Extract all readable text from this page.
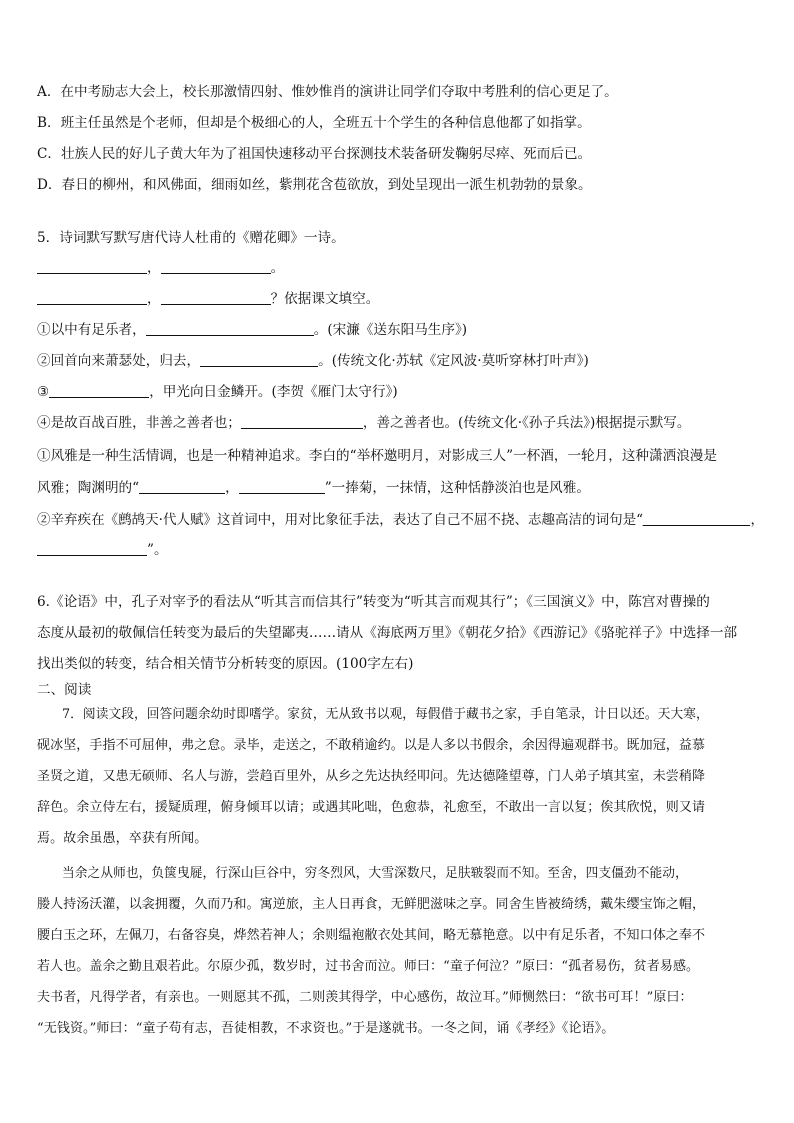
A．在中考励志大会上，校长那激情四射、惟妙惟肖的演讲让同学们夺取中考胜利的信心更足了。
B．班主任虽然是个老师，但却是个极细心的人，全班五十个学生的各种信息他都了如指掌。
C．壮族人民的好儿子黄大年为了祖国快速移动平台探测技术装备研发鞠躬尽瘁、死而后已。
D．春日的柳州，和风佛面，细雨如丝，紫荆花含苞欲放，到处呈现出一派生机勃勃的景象。
5．诗词默写默写唐代诗人杜甫的《赠花卿》一诗。
，	。
，	？依据课文填空。
①以中有足乐者，	。(宋濂《送东阳马生序》)
②回首向来萧瑟处，归去，	。(传统文化·苏轼《定风波·莫听穿林打叶声》)
③	，甲光向日金鳞开。(李贺《雁门太守行》)
④是故百战百胜，非善之善者也；	，善之善者也。(传统文化·《孙子兵法》)根据提示默写。
①风雅是一种生活情调，也是一种精神追求。李白的“举杯邀明月，对影成三人”一杯酒，一轮月，这种潇洒浪漫是
风雅；陶渊明的“	，	”一捧菊，一抹情，这种恬静淡泊也是风雅。
②辛弃疾在《鹧鸪天·代人赋》这首词中，用对比象征手法，表达了自己不屈不挠、志趣高洁的词句是“	，
”。
6.《论语》中，孔子对宰予的看法从“听其言而信其行”转变为“听其言而观其行”；《三国演义》中，陈宫对曹操的
态度从最初的敬佩信任转变为最后的失望鄙夷……请从《海底两万里》《朝花夕拾》《西游记》《骆驼祥子》中选择一部
找出类似的转变，结合相关情节分析转变的原因。(100字左右)
二、阅读
7．阅读文段，回答问题余幼时即嗜学。家贫，无从致书以观，每假借于藏书之家，手自笔录，计日以还。天大寒，
砚冰坚，手指不可屈伸，弗之怠。录毕，走送之，不敢稍逾约。以是人多以书假余，余因得遍观群书。既加冠，益慕
圣贤之道，又患无硕师、名人与游，尝趋百里外，从乡之先达执经叩问。先达德隆望尊，门人弟子填其室，未尝稍降
辞色。余立侍左右，援疑质理，俯身倾耳以请；或遇其叱咄，色愈恭，礼愈至，不敢出一言以复；俟其欣悦，则又请
焉。故余虽愚，卒获有所闻。
当余之从师也，负箧曳屣，行深山巨谷中，穷冬烈风，大雪深数尺，足肤皲裂而不知。至舍，四支僵劲不能动，
媵人持汤沃灌，以衾拥覆，久而乃和。寓逆旅，主人日再食，无鲜肥滋味之享。同舍生皆被绮绣，戴朱缨宝饰之帽，
腰白玉之环，左佩刀，右备容臭，烨然若神人；余则缊袍敝衣处其间，略无慕艳意。以中有足乐者，不知口体之奉不
若人也。盖余之勤且艰若此。尔原少孤，数岁时，过书舍而泣。师曰：“童子何泣？”原曰：“孤者易伤，贫者易感。
夫书者，凡得学者，有亲也。一则愿其不孤，二则羡其得学，中心感伤，故泣耳。”师恻然曰：“欲书可耳！”原曰：
“无钱资。”师曰：“童子苟有志，吾徒相教，不求资也。”于是遂就书。一冬之间，诵《孝经》《论语》。
